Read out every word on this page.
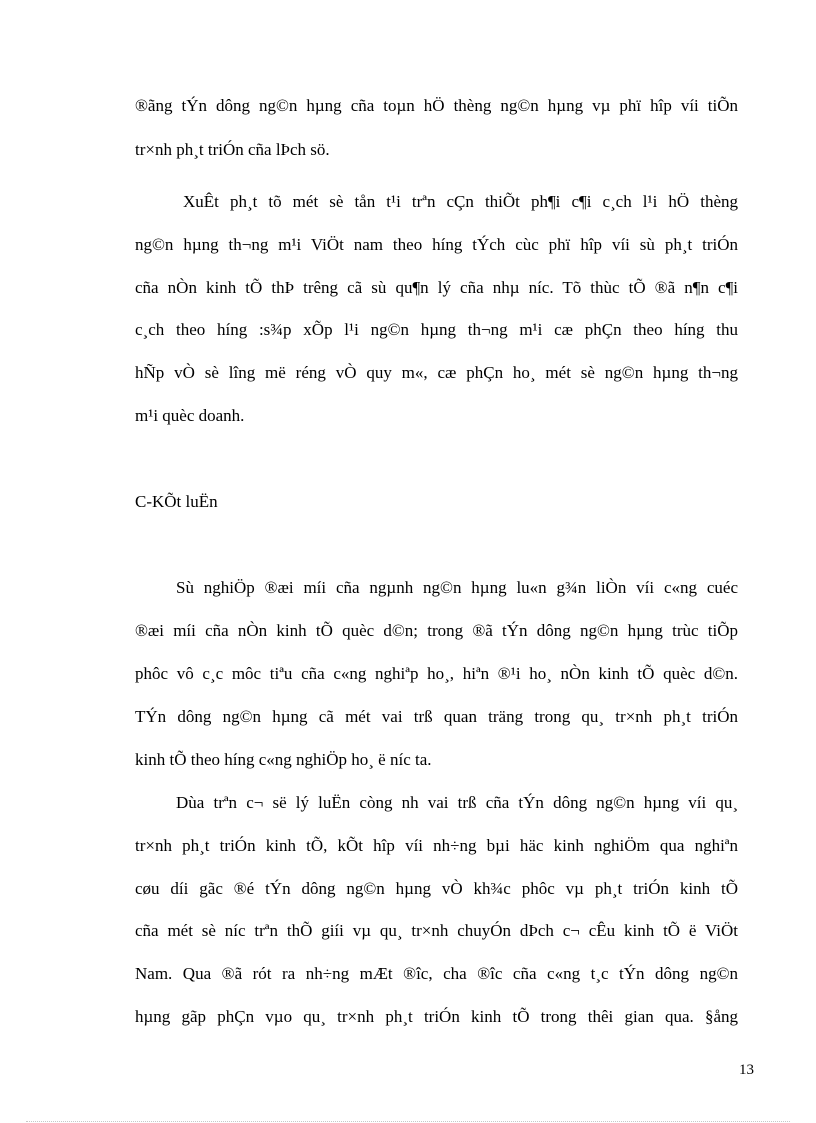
®ãng tÝn dông ng©n hµng cña toµn hÖ thèng ng©n hµng vµ phï hîp víi tiÕn
tr×nh ph¸t triÓn cña lÞch sö.
XuÊt ph¸t tõ mét sè tån t¹i trªn cÇn thiÕt ph¶i c¶i c¸ch l¹i hÖ thèng
ng©n hµng th¬ng m¹i ViÖt nam theo híng tÝch cùc phï hîp víi sù ph¸t triÓn
cña nÒn kinh tÕ thÞ trêng cã sù qu¶n lý cña nhµ níc. Tõ thùc tÕ ®ã n¶n c¶i
c¸ch theo híng :s¾p xÕp l¹i ng©n hµng th¬ng m¹i cæ phÇn theo híng thu
hÑp vÒ sè lîng më réng vÒ quy m«, cæ phÇn ho¸ mét sè ng©n hµng th¬ng
m¹i quèc doanh.
C-KÕt luËn
Sù nghiÖp ®æi míi cña ngµnh ng©n hµng lu«n g¾n liÒn víi c«ng cuéc
®æi míi cña nÒn kinh tÕ quèc d©n; trong ®ã tÝn dông ng©n hµng trùc tiÕp
phôc vô c¸c môc tiªu cña c«ng nghiªp ho¸, hiªn ®¹i ho¸ nÒn kinh tÕ quèc d©n.
TÝn dông ng©n hµng cã mét vai trß quan träng trong qu¸ tr×nh ph¸t triÓn
kinh tÕ theo híng c«ng nghiÖp ho¸ ë níc ta.
Dùa trªn c¬ së lý luËn còng nh vai trß cña tÝn dông ng©n hµng víi qu¸
tr×nh ph¸t triÓn kinh tÕ, kÕt hîp víi nh÷ng bµi häc kinh nghiÖm qua nghiªn
cøu díi gãc ®é tÝn dông ng©n hµng vÒ kh¾c phôc vµ ph¸t triÓn kinh tÕ
cña mét sè níc trªn thÕ giíi vµ qu¸ tr×nh chuyÓn dÞch c¬ cÊu kinh tÕ ë ViÖt
Nam. Qua ®ã rót ra nh÷ng mÆt ®îc, cha ®îc cña c«ng t¸c tÝn dông ng©n
hµng gãp phÇn vµo qu¸ tr×nh ph¸t triÓn kinh tÕ trong thêi gian qua. §ång
13
